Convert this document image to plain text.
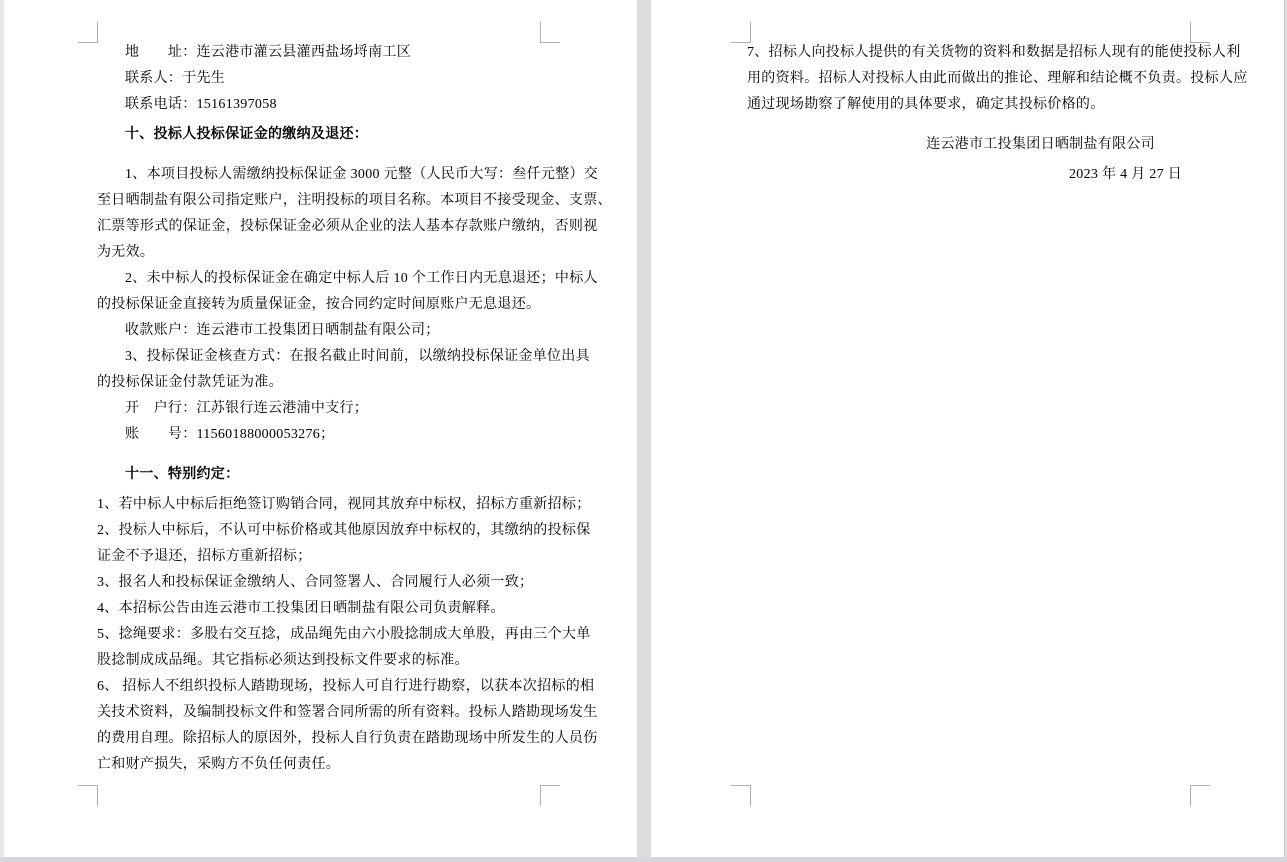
地　　址：连云港市灌云县灌西盐场埒南工区
联系人：于先生
联系电话：15161397058
十、投标人投标保证金的缴纳及退还：
1、本项目投标人需缴纳投标保证金 3000 元整（人民币大写：叁仟元整）交
至日晒制盐有限公司指定账户，注明投标的项目名称。本项目不接受现金、支票、
汇票等形式的保证金，投标保证金必须从企业的法人基本存款账户缴纳，否则视
为无效。
2、未中标人的投标保证金在确定中标人后 10 个工作日内无息退还；中标人
的投标保证金直接转为质量保证金，按合同约定时间原账户无息退还。
收款账户：连云港市工投集团日晒制盐有限公司；
3、投标保证金核查方式：在报名截止时间前，以缴纳投标保证金单位出具
的投标保证金付款凭证为准。
开　户行：江苏银行连云港浦中支行；
账　　号：11560188000053276；
十一、特别约定：
1、若中标人中标后拒绝签订购销合同，视同其放弃中标权，招标方重新招标；
2、投标人中标后，不认可中标价格或其他原因放弃中标权的，其缴纳的投标保
证金不予退还，招标方重新招标；
3、报名人和投标保证金缴纳人、合同签署人、合同履行人必须一致；
4、本招标公告由连云港市工投集团日晒制盐有限公司负责解释。
5、捻绳要求：多股右交互捻，成品绳先由六小股捻制成大单股，再由三个大单
股捻制成成品绳。其它指标必须达到投标文件要求的标准。
6、 招标人不组织投标人踏勘现场，投标人可自行进行勘察，以获本次招标的相
关技术资料，及编制投标文件和签署合同所需的所有资料。投标人踏勘现场发生
的费用自理。除招标人的原因外，投标人自行负责在踏勘现场中所发生的人员伤
亡和财产损失，采购方不负任何责任。
7、招标人向投标人提供的有关货物的资料和数据是招标人现有的能使投标人利
用的资料。招标人对投标人由此而做出的推论、理解和结论概不负责。投标人应
通过现场勘察了解使用的具体要求，确定其投标价格的。
连云港市工投集团日晒制盐有限公司
2023 年 4 月 27 日
